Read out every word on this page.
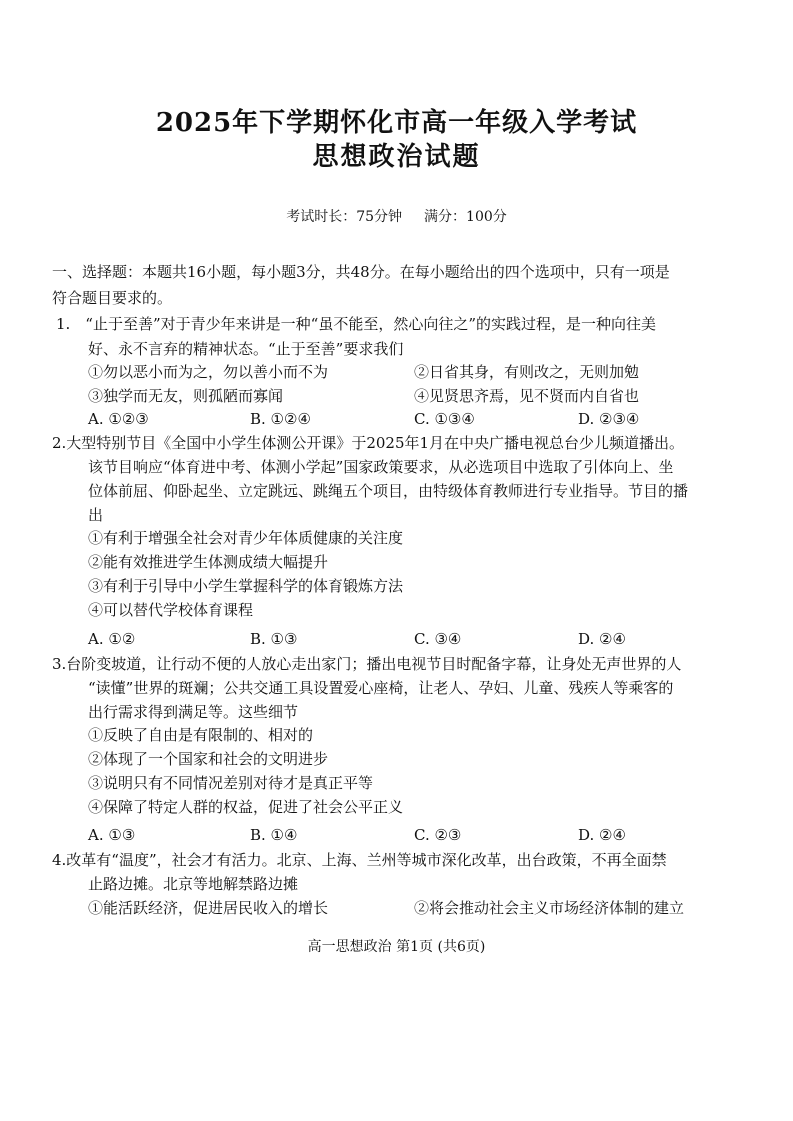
2025年下学期怀化市高一年级入学考试
思想政治试题
考试时长：75分钟 满分：100分
一、选择题：本题共16小题，每小题3分，共48分。在每小题给出的四个选项中，只有一项是
符合题目要求的。
1.　“止于至善”对于青少年来讲是一种“虽不能至，然心向往之”的实践过程，是一种向往美
好、永不言弃的精神状态。“止于至善”要求我们
①勿以恶小而为之，勿以善小而不为	②日省其身，有则改之，无则加勉
③独学而无友，则孤陋而寡闻	④见贤思齐焉，见不贤而内自省也
A. ①②③	B. ①②④	C. ①③④	D. ②③④
2.大型特别节目《全国中小学生体测公开课》于2025年1月在中央广播电视总台少儿频道播出。
该节目响应“体育进中考、体测小学起”国家政策要求，从必选项目中选取了引体向上、坐
位体前屈、仰卧起坐、立定跳远、跳绳五个项目，由特级体育教师进行专业指导。节目的播
出
①有利于增强全社会对青少年体质健康的关注度
②能有效推进学生体测成绩大幅提升
③有利于引导中小学生掌握科学的体育锻炼方法
④可以替代学校体育课程
A. ①②	B. ①③	C. ③④	D. ②④
3.台阶变坡道，让行动不便的人放心走出家门；播出电视节目时配备字幕，让身处无声世界的人
“读懂”世界的斑斓；公共交通工具设置爱心座椅，让老人、孕妇、儿童、残疾人等乘客的
出行需求得到满足等。这些细节
①反映了自由是有限制的、相对的
②体现了一个国家和社会的文明进步
③说明只有不同情况差别对待才是真正平等
④保障了特定人群的权益，促进了社会公平正义
A. ①③	B. ①④	C. ②③	D. ②④
4.改革有“温度”，社会才有活力。北京、上海、兰州等城市深化改革，出台政策，不再全面禁
止路边摊。北京等地解禁路边摊
①能活跃经济，促进居民收入的增长	②将会推动社会主义市场经济体制的建立
高一思想政治 第1页 (共6页)
